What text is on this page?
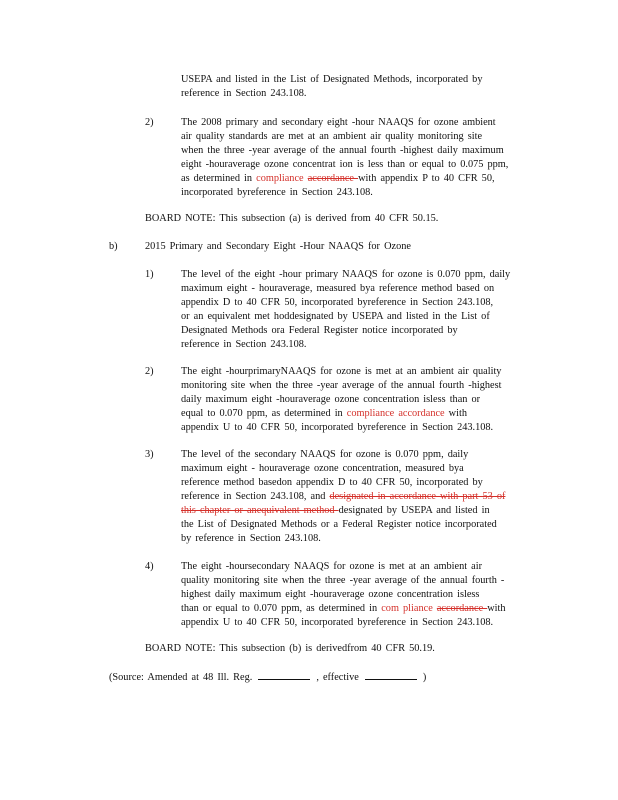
USEPA and listed in the List of Designated Methods, incorporated by
reference in Section 243.108.
2)	The 2008 primary and secondary eight -hour NAAQS for ozone ambient
air quality standards are met at an ambient air quality monitoring site
when the three -year average of the annual fourth -highest daily maximum
eight -houraverage ozone concentrat ion is less than or equal to 0.075 ppm,
as determined in compliance accordance with appendix P to 40 CFR 50,
incorporated byreference in Section 243.108.
BOARD NOTE: This subsection (a) is derived from 40 CFR 50.15.
b)	2015 Primary and Secondary Eight -Hour NAAQS for Ozone
1)	The level of the eight -hour primary NAAQS for ozone is 0.070 ppm, daily
maximum eight - houraverage, measured bya reference method based on
appendix D to 40 CFR 50, incorporated byreference in Section 243.108,
or an equivalent met hoddesignated by USEPA and listed in the List of
Designated Methods ora Federal Register notice incorporated by
reference in Section 243.108.
2)	The eight -hourprimaryNAAQS for ozone is met at an ambient air quality
monitoring site when the three -year average of the annual fourth -highest
daily maximum eight -houraverage ozone concentration isless than or
equal to 0.070 ppm, as determined in compliance accordance with
appendix U to 40 CFR 50, incorporated byreference in Section 243.108.
3)	The level of the secondary NAAQS for ozone is 0.070 ppm, daily
maximum eight - houraverage ozone concentration, measured bya
reference method basedon appendix D to 40 CFR 50, incorporated by
reference in Section 243.108, and designated in accordance with part 53 of
this chapter or anequivalent method designated by USEPA and listed in
the List of Designated Methods or a Federal Register notice incorporated
by reference in Section 243.108.
4)	The eight -hoursecondary NAAQS for ozone is met at an ambient air
quality monitoring site when the three -year average of the annual fourth -
highest daily maximum eight -houraverage ozone concentration isless
than or equal to 0.070 ppm, as determined in com pliance accordance with
appendix U to 40 CFR 50, incorporated byreference in Section 243.108.
BOARD NOTE: This subsection (b) is derivedfrom 40 CFR 50.19.
(Source: Amended at 48 Ill. Reg.	, effective	)
